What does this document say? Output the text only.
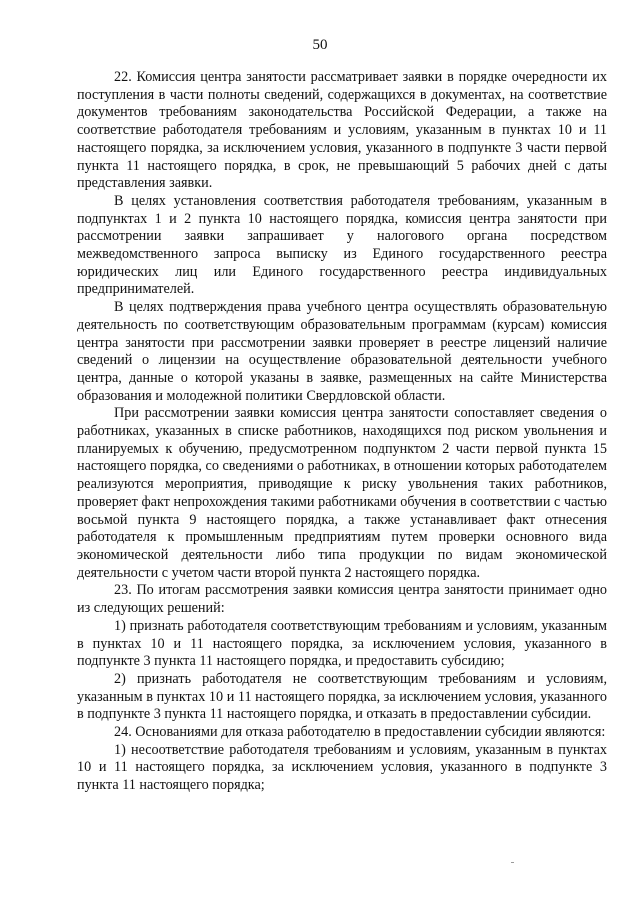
50

22. Комиссия центра занятости рассматривает заявки в порядке очередности их поступления в части полноты сведений, содержащихся в документах, на соответствие документов требованиям законодательства Российской Федерации, а также на соответствие работодателя требованиям и условиям, указанным в пунктах 10 и 11 настоящего порядка, за исключением условия, указанного в подпункте 3 части первой пункта 11 настоящего порядка, в срок, не превышающий 5 рабочих дней с даты представления заявки.

В целях установления соответствия работодателя требованиям, указанным в подпунктах 1 и 2 пункта 10 настоящего порядка, комиссия центра занятости при рассмотрении заявки запрашивает у налогового органа посредством межведомственного запроса выписку из Единого государственного реестра юридических лиц или Единого государственного реестра индивидуальных предпринимателей.

В целях подтверждения права учебного центра осуществлять образовательную деятельность по соответствующим образовательным программам (курсам) комиссия центра занятости при рассмотрении заявки проверяет в реестре лицензий наличие сведений о лицензии на осуществление образовательной деятельности учебного центра, данные о которой указаны в заявке, размещенных на сайте Министерства образования и молодежной политики Свердловской области.

При рассмотрении заявки комиссия центра занятости сопоставляет сведения о работниках, указанных в списке работников, находящихся под риском увольнения и планируемых к обучению, предусмотренном подпунктом 2 части первой пункта 15 настоящего порядка, со сведениями о работниках, в отношении которых работодателем реализуются мероприятия, приводящие к риску увольнения таких работников, проверяет факт непрохождения такими работниками обучения в соответствии с частью восьмой пункта 9 настоящего порядка, а также устанавливает факт отнесения работодателя к промышленным предприятиям путем проверки основного вида экономической деятельности либо типа продукции по видам экономической деятельности с учетом части второй пункта 2 настоящего порядка.

23. По итогам рассмотрения заявки комиссия центра занятости принимает одно из следующих решений:

1) признать работодателя соответствующим требованиям и условиям, указанным в пунктах 10 и 11 настоящего порядка, за исключением условия, указанного в подпункте 3 пункта 11 настоящего порядка, и предоставить субсидию;

2) признать работодателя не соответствующим требованиям и условиям, указанным в пунктах 10 и 11 настоящего порядка, за исключением условия, указанного в подпункте 3 пункта 11 настоящего порядка, и отказать в предоставлении субсидии.

24. Основаниями для отказа работодателю в предоставлении субсидии являются:

1) несоответствие работодателя требованиям и условиям, указанным в пунктах 10 и 11 настоящего порядка, за исключением условия, указанного в подпункте 3 пункта 11 настоящего порядка;
